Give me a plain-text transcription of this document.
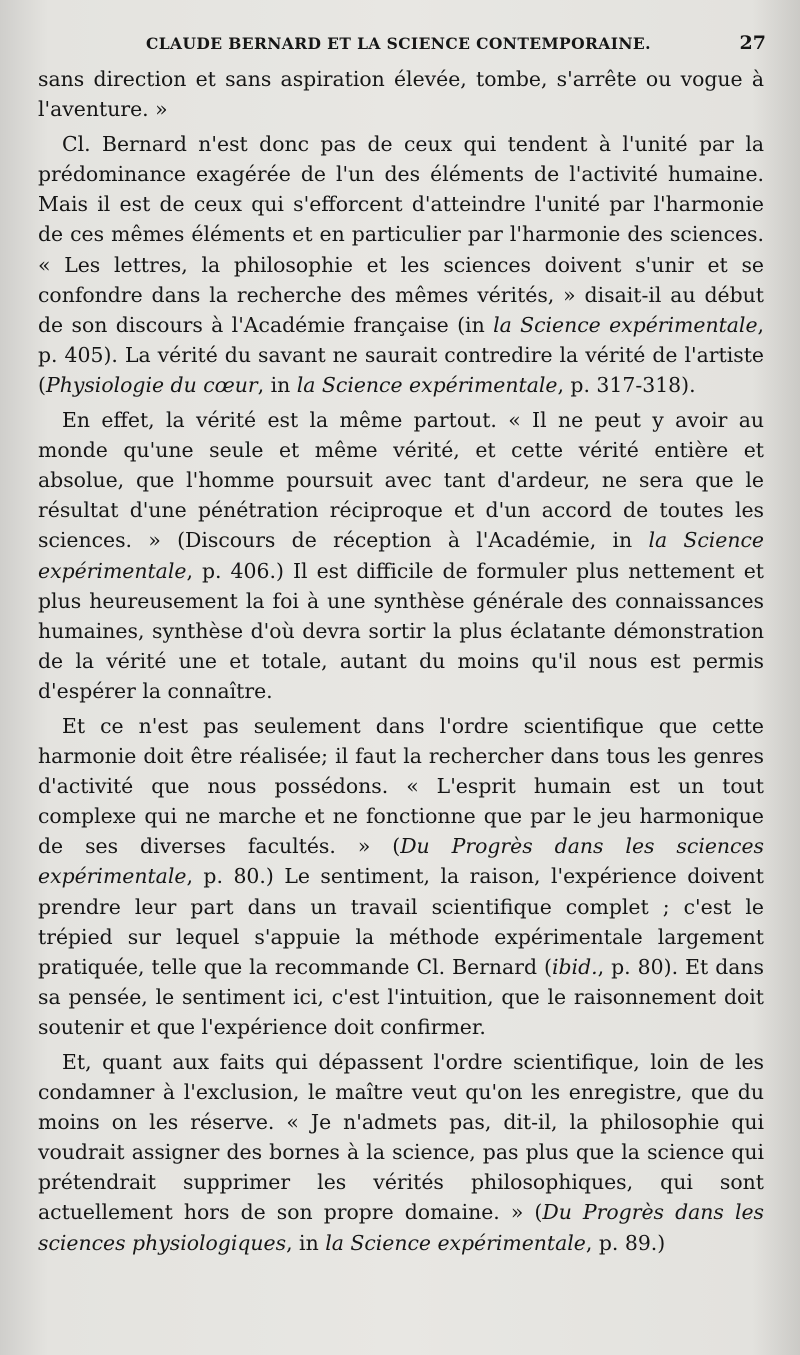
CLAUDE BERNARD ET LA SCIENCE CONTEMPORAINE.	27

sans direction et sans aspiration élevée, tombe, s'arrête ou vogue à l'aventure. »

Cl. Bernard n'est donc pas de ceux qui tendent à l'unité par la prédominance exagérée de l'un des éléments de l'activité humaine. Mais il est de ceux qui s'efforcent d'atteindre l'unité par l'harmonie de ces mêmes éléments et en particulier par l'harmonie des sciences. « Les lettres, la philosophie et les sciences doivent s'unir et se confondre dans la recherche des mêmes vérités, » disait-il au début de son discours à l'Académie française (in la Science expérimentale, p. 405). La vérité du savant ne saurait contredire la vérité de l'artiste (Physiologie du cœur, in la Science expérimentale, p. 317-318).

En effet, la vérité est la même partout. « Il ne peut y avoir au monde qu'une seule et même vérité, et cette vérité entière et absolue, que l'homme poursuit avec tant d'ardeur, ne sera que le résultat d'une pénétration réciproque et d'un accord de toutes les sciences. » (Discours de réception à l'Académie, in la Science expérimentale, p. 406.) Il est difficile de formuler plus nettement et plus heureusement la foi à une synthèse générale des connaissances humaines, synthèse d'où devra sortir la plus éclatante démonstration de la vérité une et totale, autant du moins qu'il nous est permis d'espérer la connaître.

Et ce n'est pas seulement dans l'ordre scientifique que cette harmonie doit être réalisée; il faut la rechercher dans tous les genres d'activité que nous possédons. « L'esprit humain est un tout complexe qui ne marche et ne fonctionne que par le jeu harmonique de ses diverses facultés. » (Du Progrès dans les sciences expérimentale, p. 80.) Le sentiment, la raison, l'expérience doivent prendre leur part dans un travail scientifique complet ; c'est le trépied sur lequel s'appuie la méthode expérimentale largement pratiquée, telle que la recommande Cl. Bernard (ibid., p. 80). Et dans sa pensée, le sentiment ici, c'est l'intuition, que le raisonnement doit soutenir et que l'expérience doit confirmer.

Et, quant aux faits qui dépassent l'ordre scientifique, loin de les condamner à l'exclusion, le maître veut qu'on les enregistre, que du moins on les réserve. « Je n'admets pas, dit-il, la philosophie qui voudrait assigner des bornes à la science, pas plus que la science qui prétendrait supprimer les vérités philosophiques, qui sont actuellement hors de son propre domaine. » (Du Progrès dans les sciences physiologiques, in la Science expérimentale, p. 89.)
